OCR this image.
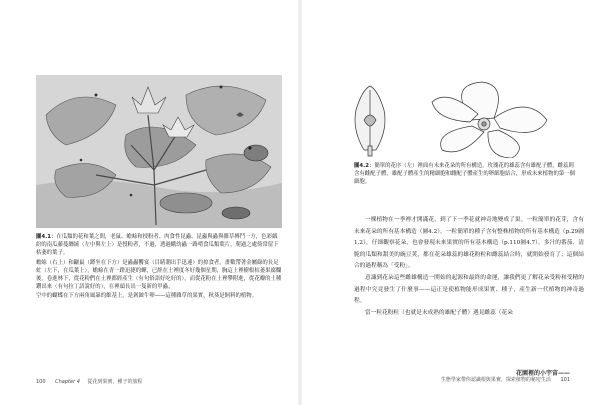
圖4.1：在瓜類的花和葉之間，老鼠、蟾蜍和授粉者、肉食性昆蟲、昆蟲與蟲與雜草搏鬥一方，色彩繽紛的南瓜藤蔓纏繞（左中與左上）是授粉者，不過，透過蛾幼蟲一路啃食瓜類葉片，爬過之處倚常留下枯萎的葉子。

蟾蜍（右上）和鼴鼠（蹲坐在下方）是蟲蟲饗宴（目睹潮出手迅速）的掠食者，畫數帶著金屬綠的長足虻（左下，在瓜葉上），蟾蜍在青一蹬迅捷的蟬，已經在土裡度冬好幾個星期，胸這土裡樹根枯萎果腐爛後。卷進林下，從花粉們在土裡都經產生（有句俗語好吃好的），而從花粉在土裡攀附進，從花瓣的土種鑽出來（有句拉丁語說好的），在裡頭長出一隻新的甲蟲。

空中的蝴蝶在下方兩角風暴的維基上，是剝蝕牛卵——這種雜草的果實，秋葵是飼料的植物。

100 Chapter 4 從花到果實，種子的旅程
圖4.2：簡單的花序（左）裡面有未來花朵的所有構造，玫瑰花的雄蕊含有雄配子體，雌蕊則含有雌配子體，雄配子體產生的精細胞和雌配子體產生的卵細胞結合，形成未來植物的第一個細胞。

一棵植物在一季裡才開滿花，到了下一季花就神奇地變成了果。一粒簡單的花芽，含有未來花朵的所有基本構造（圖4.2）。一粒簡單的種子含有整株植物的所有基本構造（p.29圖1.2），仔細觀察花朵，也會發現未來果實的所有基本構造（p.110圖4.7）。多汁的番茄、清脆的瓜類和甜美的豌豆莢，都在花朵雄蕊的雄花粉粒和雌蕊結合時，就開始發育了；這個結合的過程稱為「受粉」。

意識到花朵這些雌雄構造一開始的起源和最終的命運，讓我們更了解花朵受粉和受精的過程中究竟發生了什麼事——這正是使植物能形成果實、種子，產生新一代植物的神奇過程。

當一粒花粉粒（也就是未成熟的雄配子體）遇見雌蕊（花朵

花園裡的小宇宙——
生態學家帶你認識根與果實，探索植物的秘密生活 101
